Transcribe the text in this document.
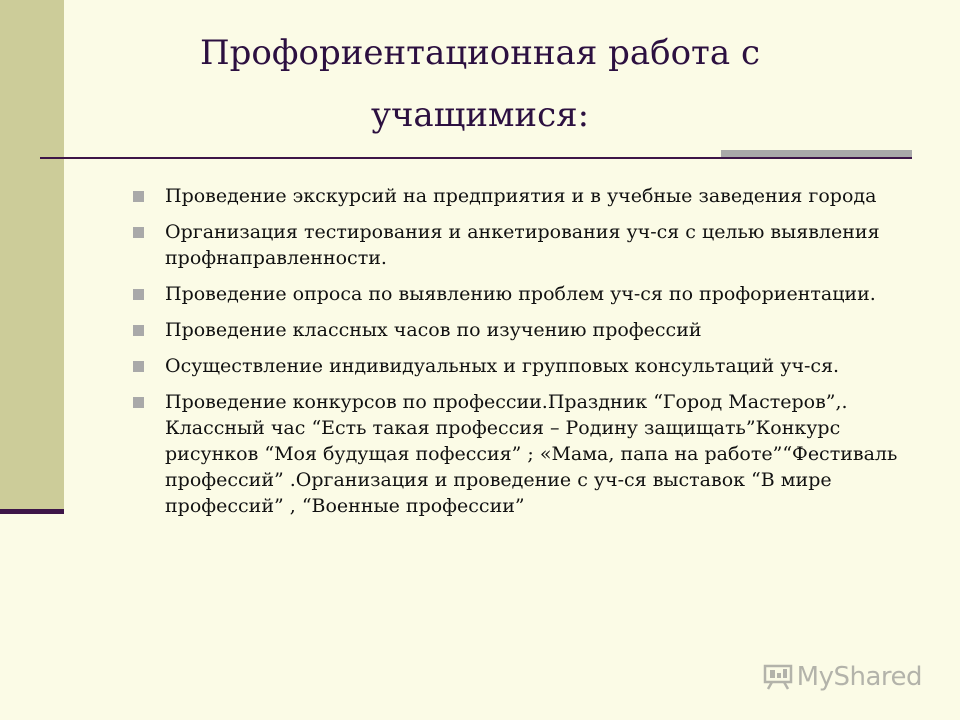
Профориентационная работа с учащимися:
Проведение экскурсий на предприятия и в учебные заведения города
Организация тестирования и анкетирования уч-ся с целью выявления профнаправленности.
Проведение опроса по выявлению проблем уч-ся по профориентации.
Проведение классных часов по изучению профессий
Осуществление индивидуальных и групповых консультаций уч-ся.
Проведение конкурсов по профессии.Праздник “Город Мастеров”,. Классный час “Есть такая профессия – Родину защищать”Конкурс рисунков “Моя будущая пофессия” ; «Мама, папа на работе”“Фестиваль профессий” .Организация и проведение с уч-ся выставок “В мире профессий” , “Военные профессии”
MyShared
